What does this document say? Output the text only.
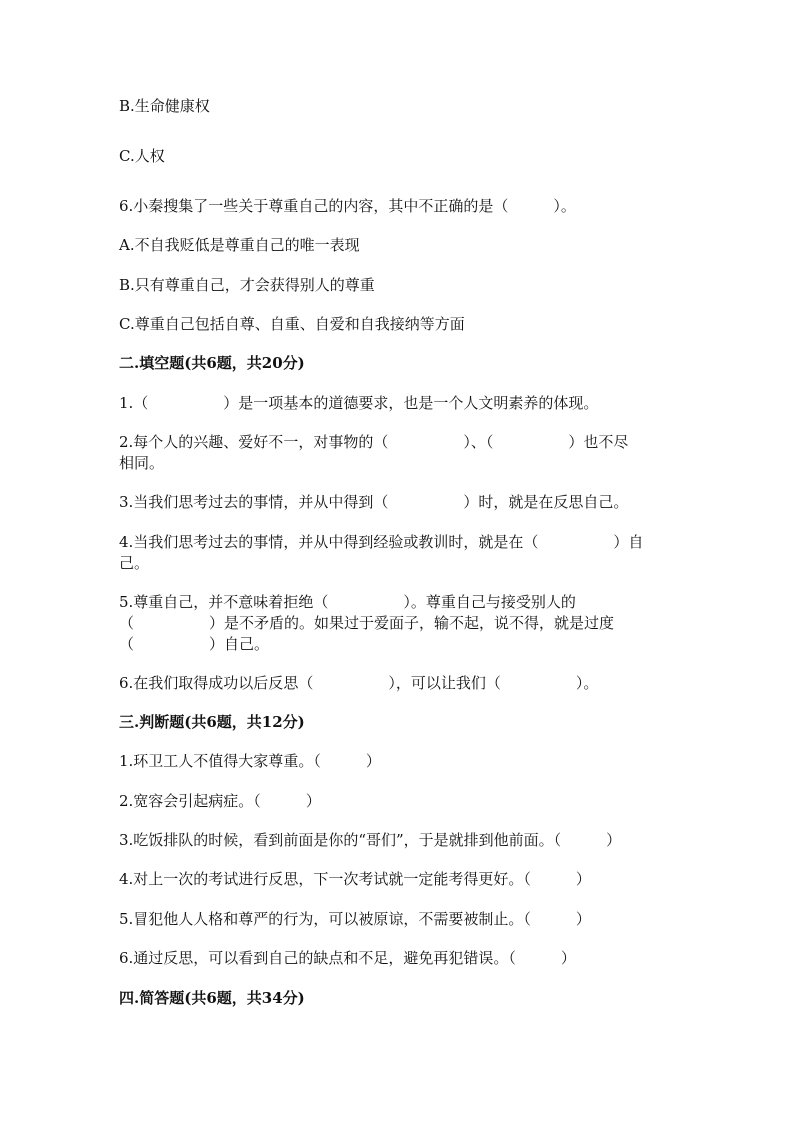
B.生命健康权
C.人权
6.小秦搜集了一些关于尊重自己的内容，其中不正确的是（　　　）。
A.不自我贬低是尊重自己的唯一表现
B.只有尊重自己，才会获得别人的尊重
C.尊重自己包括自尊、自重、自爱和自我接纳等方面
二.填空题(共6题，共20分)
1.（　　　　　）是一项基本的道德要求，也是一个人文明素养的体现。
2.每个人的兴趣、爱好不一，对事物的（　　　　　）、（　　　　　）也不尽
相同。
3.当我们思考过去的事情，并从中得到（　　　　　）时，就是在反思自己。
4.当我们思考过去的事情，并从中得到经验或教训时，就是在（　　　　　）自
己。
5.尊重自己，并不意味着拒绝（　　　　　）。尊重自己与接受别人的
（　　　　　）是不矛盾的。如果过于爱面子，输不起，说不得，就是过度
（　　　　　）自己。
6.在我们取得成功以后反思（　　　　　），可以让我们（　　　　　）。
三.判断题(共6题，共12分)
1.环卫工人不值得大家尊重。（　　　）
2.宽容会引起病症。（　　　）
3.吃饭排队的时候，看到前面是你的“哥们”，于是就排到他前面。（　　　）
4.对上一次的考试进行反思，下一次考试就一定能考得更好。（　　　）
5.冒犯他人人格和尊严的行为，可以被原谅，不需要被制止。（　　　）
6.通过反思，可以看到自己的缺点和不足，避免再犯错误。（　　　）
四.简答题(共6题，共34分)
